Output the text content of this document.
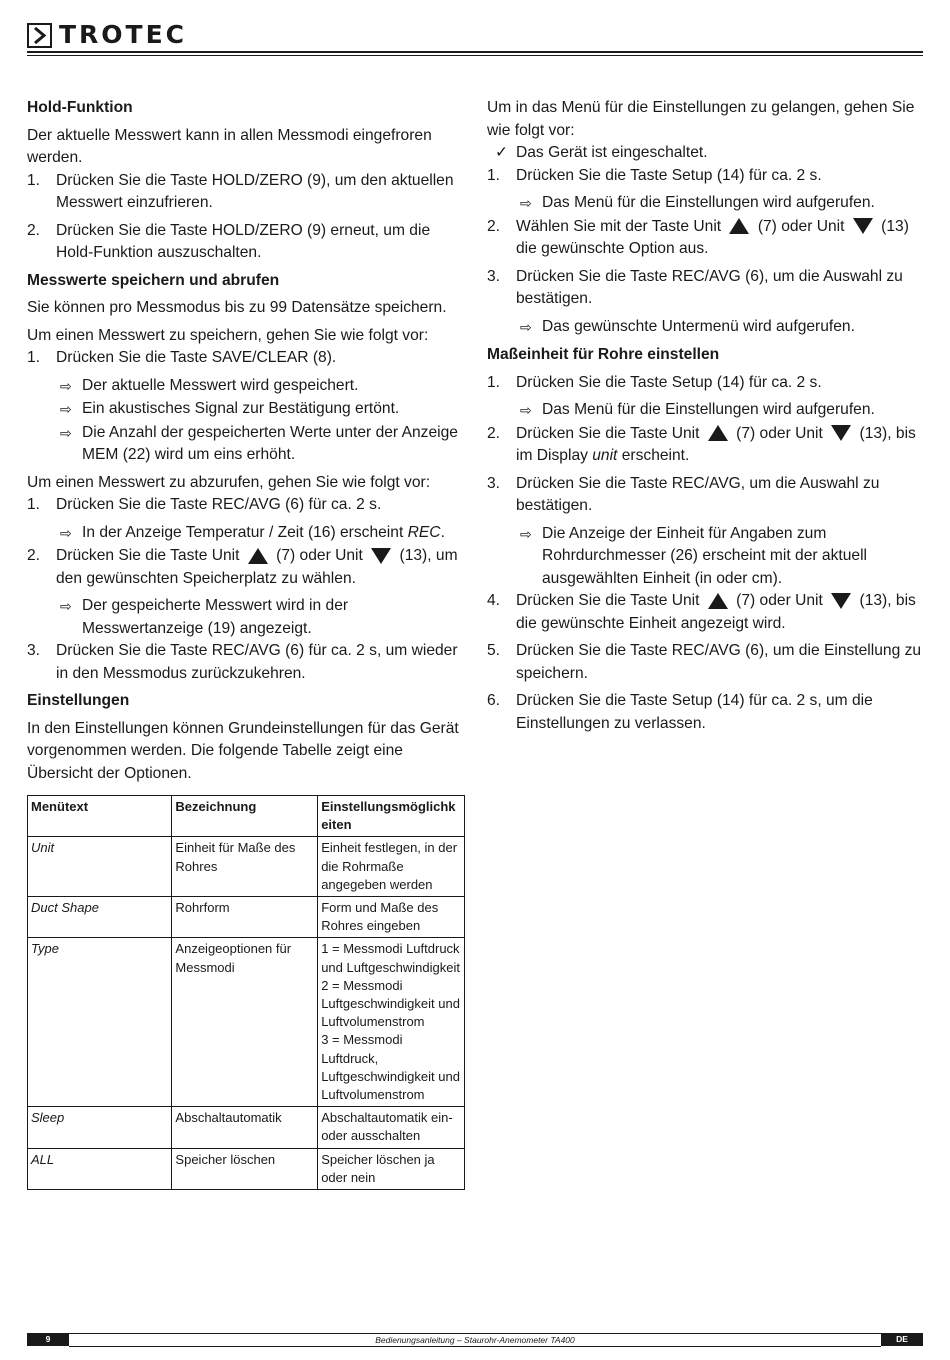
TROTEC
Hold-Funktion

Der aktuelle Messwert kann in allen Messmodi eingefroren werden.

1.	Drücken Sie die Taste HOLD/ZERO (9), um den aktuellen Messwert einzufrieren.
2.	Drücken Sie die Taste HOLD/ZERO (9) erneut, um die Hold-Funktion auszuschalten.
Messwerte speichern und abrufen

Sie können pro Messmodus bis zu 99 Datensätze speichern.

Um einen Messwert zu speichern, gehen Sie wie folgt vor:

1.	Drücken Sie die Taste SAVE/CLEAR (8).
⇨ Der aktuelle Messwert wird gespeichert.
⇨ Ein akustisches Signal zur Bestätigung ertönt.
⇨ Die Anzahl der gespeicherten Werte unter der Anzeige MEM (22) wird um eins erhöht.

Um einen Messwert zu abzurufen, gehen Sie wie folgt vor:

1.	Drücken Sie die Taste REC/AVG (6) für ca. 2 s.
⇨ In der Anzeige Temperatur / Zeit (16) erscheint REC.
2.	Drücken Sie die Taste Unit (7) oder Unit (13), um den gewünschten Speicherplatz zu wählen.
⇨ Der gespeicherte Messwert wird in der Messwertanzeige (19) angezeigt.
3.	Drücken Sie die Taste REC/AVG (6) für ca. 2 s, um wieder in den Messmodus zurückzukehren.
Einstellungen

In den Einstellungen können Grundeinstellungen für das Gerät vorgenommen werden. Die folgende Tabelle zeigt eine Übersicht der Optionen.

Menütext	Bezeichnung	Einstellungsmöglichkeiten
Unit	Einheit für Maße des Rohres	Einheit festlegen, in der die Rohrmaße angegeben werden
Duct Shape	Rohrform	Form und Maße des Rohres eingeben
Type	Anzeigeoptionen für Messmodi	1 = Messmodi Luftdruck und Luftgeschwindigkeit
2 = Messmodi Luftgeschwindigkeit und Luftvolumenstrom
3 = Messmodi Luftdruck, Luftgeschwindigkeit und Luftvolumenstrom
Sleep	Abschaltautomatik	Abschaltautomatik ein- oder ausschalten
ALL	Speicher löschen	Speicher löschen ja oder nein

Um in das Menü für die Einstellungen zu gelangen, gehen Sie wie folgt vor:

✓ Das Gerät ist eingeschaltet.
1.	Drücken Sie die Taste Setup (14) für ca. 2 s.
⇨ Das Menü für die Einstellungen wird aufgerufen.
2.	Wählen Sie mit der Taste Unit (7) oder Unit (13) die gewünschte Option aus.
3.	Drücken Sie die Taste REC/AVG (6), um die Auswahl zu bestätigen.
⇨ Das gewünschte Untermenü wird aufgerufen.
Maßeinheit für Rohre einstellen
1.	Drücken Sie die Taste Setup (14) für ca. 2 s.
⇨ Das Menü für die Einstellungen wird aufgerufen.
2.	Drücken Sie die Taste Unit (7) oder Unit (13), bis im Display unit erscheint.
3.	Drücken Sie die Taste REC/AVG, um die Auswahl zu bestätigen.
⇨ Die Anzeige der Einheit für Angaben zum Rohrdurchmesser (26) erscheint mit der aktuell ausgewählten Einheit (in oder cm).
4.	Drücken Sie die Taste Unit (7) oder Unit (13), bis die gewünschte Einheit angezeigt wird.
5.	Drücken Sie die Taste REC/AVG (6), um die Einstellung zu speichern.
6.	Drücken Sie die Taste Setup (14) für ca. 2 s, um die Einstellungen zu verlassen.
9	Bedienungsanleitung – Staurohr-Anemometer TA400	DE
